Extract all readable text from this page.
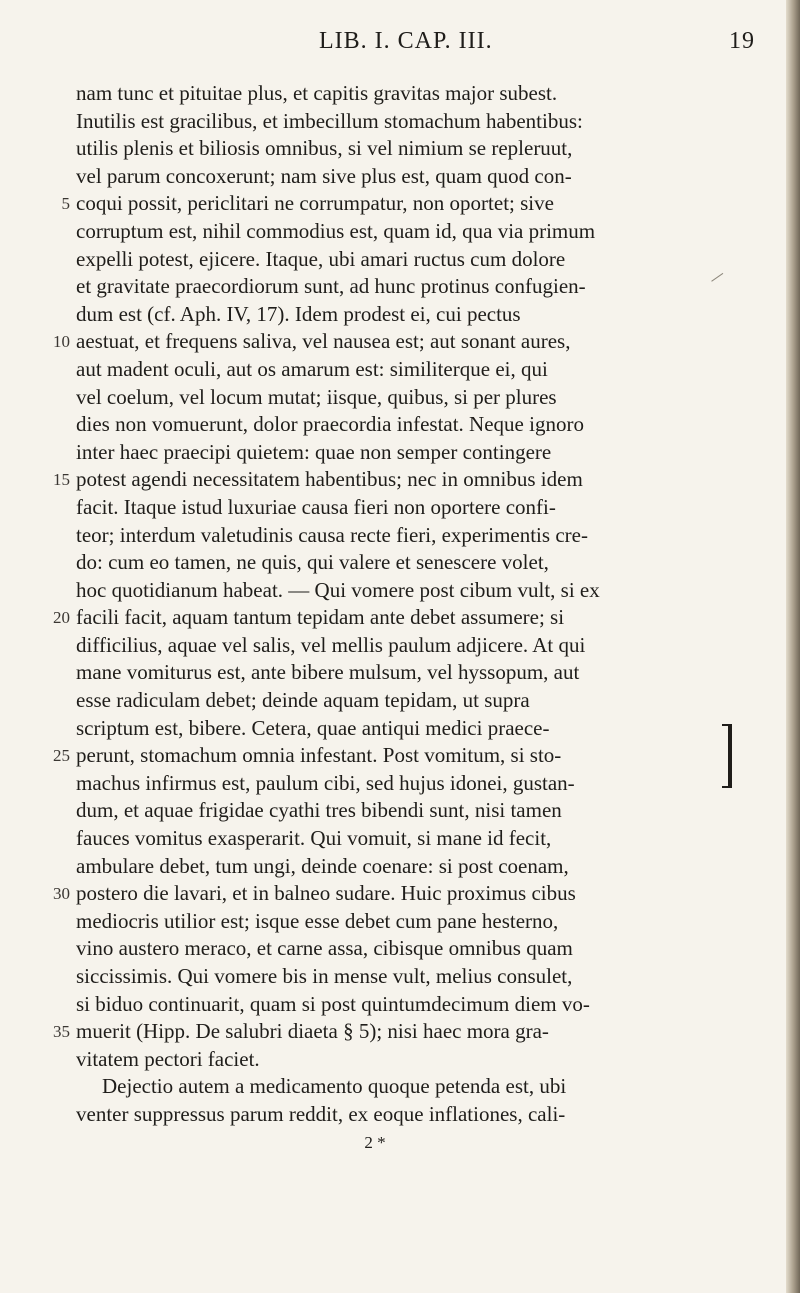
LIB. I. CAP. III.	19
nam tunc et pituitae plus, et capitis gravitas major subest.
Inutilis est gracilibus, et imbecillum stomachum habentibus:
utilis plenis et biliosis omnibus, si vel nimium se repleruut,
vel parum concoxerunt; nam sive plus est, quam quod con-
5 coqui possit, periclitari ne corrumpatur, non oportet; sive
corruptum est, nihil commodius est, quam id, qua via primum
expelli potest, ejicere. Itaque, ubi amari ructus cum dolore
et gravitate praecordiorum sunt, ad hunc protinus confugien-
dum est (cf. Aph. IV, 17). Idem prodest ei, cui pectus
10 aestuat, et frequens saliva, vel nausea est; aut sonant aures,
aut madent oculi, aut os amarum est: similiterque ei, qui
vel coelum, vel locum mutat; iisque, quibus, si per plures
dies non vomuerunt, dolor praecordia infestat. Neque ignoro
inter haec praecipi quietem: quae non semper contingere
15 potest agendi necessitatem habentibus; nec in omnibus idem
facit. Itaque istud luxuriae causa fieri non oportere confi-
teor; interdum valetudinis causa recte fieri, experimentis cre-
do: cum eo tamen, ne quis, qui valere et senescere volet,
hoc quotidianum habeat. — Qui vomere post cibum vult, si ex
20 facili facit, aquam tantum tepidam ante debet assumere; si
difficilius, aquae vel salis, vel mellis paulum adjicere. At qui
mane vomiturus est, ante bibere mulsum, vel hyssopum, aut
esse radiculam debet; deinde aquam tepidam, ut supra
scriptum est, bibere. Cetera, quae antiqui medici praece-
25 perunt, stomachum omnia infestant. Post vomitum, si sto-
machus infirmus est, paulum cibi, sed hujus idonei, gustan-
dum, et aquae frigidae cyathi tres bibendi sunt, nisi tamen
fauces vomitus exasperarit. Qui vomuit, si mane id fecit,
ambulare debet, tum ungi, deinde coenare: si post coenam,
30 postero die lavari, et in balneo sudare. Huic proximus cibus
mediocris utilior est; isque esse debet cum pane hesterno,
vino austero meraco, et carne assa, cibisque omnibus quam
siccissimis. Qui vomere bis in mense vult, melius consulet,
si biduo continuarit, quam si post quintumdecimum diem vo-
35 muerit (Hipp. De salubri diaeta § 5); nisi haec mora gra-
vitatem pectori faciet.
Dejectio autem a medicamento quoque petenda est, ubi
venter suppressus parum reddit, ex eoque inflationes, cali-
2 *
